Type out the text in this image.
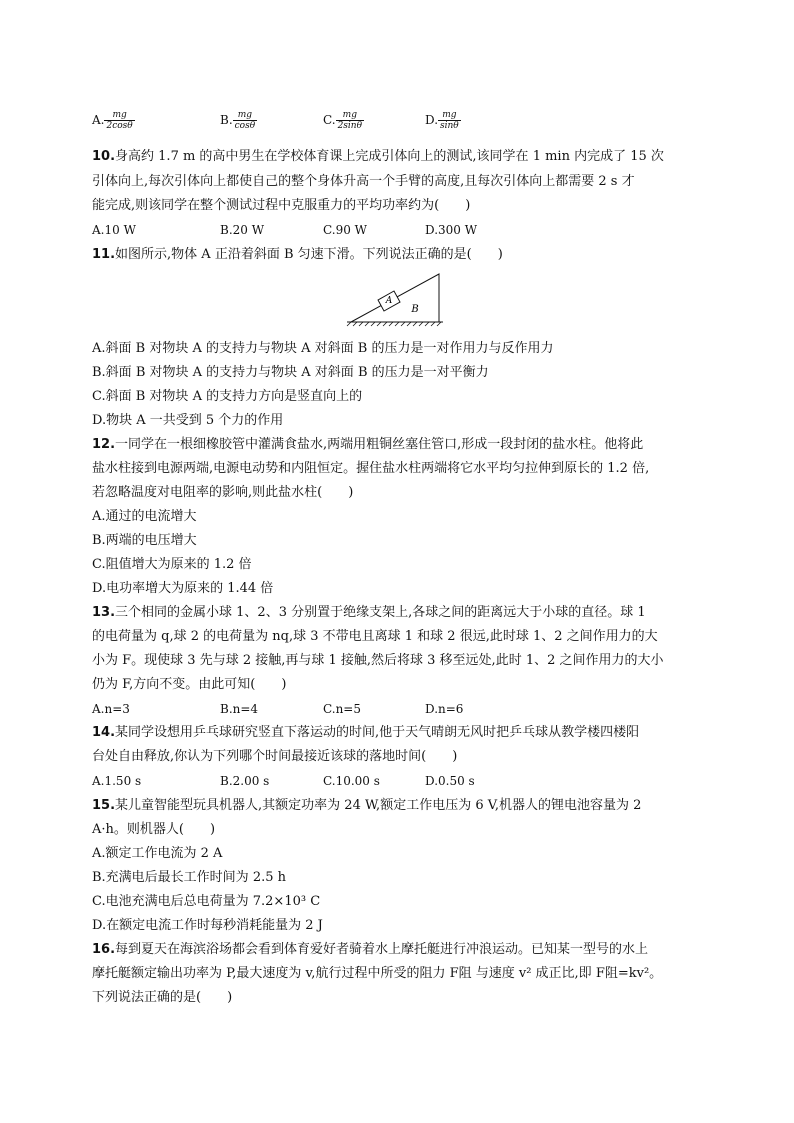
A. $\frac{mg}{2\cos\theta}$	B. $\frac{mg}{\cos\theta}$	C. $\frac{mg}{2\sin\theta}$	D. $\frac{mg}{\sin\theta}$
10.身高约 1.7 m 的高中男生在学校体育课上完成引体向上的测试,该同学在 1 min 内完成了 15 次
引体向上,每次引体向上都使自己的整个身体升高一个手臂的高度,且每次引体向上都需要 2 s 才
能完成,则该同学在整个测试过程中克服重力的平均功率约为(　　)
A.10 W	B.20 W	C.90 W	D.300 W
11.如图所示,物体 A 正沿着斜面 B 匀速下滑。下列说法正确的是(　　)
A
B
A.斜面 B 对物块 A 的支持力与物块 A 对斜面 B 的压力是一对作用力与反作用力
B.斜面 B 对物块 A 的支持力与物块 A 对斜面 B 的压力是一对平衡力
C.斜面 B 对物块 A 的支持力方向是竖直向上的
D.物块 A 一共受到 5 个力的作用
12.一同学在一根细橡胶管中灌满食盐水,两端用粗铜丝塞住管口,形成一段封闭的盐水柱。他将此
盐水柱接到电源两端,电源电动势和内阻恒定。握住盐水柱两端将它水平均匀拉伸到原长的 1.2 倍,
若忽略温度对电阻率的影响,则此盐水柱(　　)
A.通过的电流增大
B.两端的电压增大
C.阻值增大为原来的 1.2 倍
D.电功率增大为原来的 1.44 倍
13.三个相同的金属小球 1、2、3 分别置于绝缘支架上,各球之间的距离远大于小球的直径。球 1
的电荷量为 q,球 2 的电荷量为 nq,球 3 不带电且离球 1 和球 2 很远,此时球 1、2 之间作用力的大
小为 F。现使球 3 先与球 2 接触,再与球 1 接触,然后将球 3 移至远处,此时 1、2 之间作用力的大小
仍为 F,方向不变。由此可知(　　)
A.n=3	B.n=4	C.n=5	D.n=6
14.某同学设想用乒乓球研究竖直下落运动的时间,他于天气晴朗无风时把乒乓球从教学楼四楼阳
台处自由释放,你认为下列哪个时间最接近该球的落地时间(　　)
A.1.50 s	B.2.00 s	C.10.00 s	D.0.50 s
15.某儿童智能型玩具机器人,其额定功率为 24 W,额定工作电压为 6 V,机器人的锂电池容量为 2
A·h。则机器人(　　)
A.额定工作电流为 2 A
B.充满电后最长工作时间为 2.5 h
C.电池充满电后总电荷量为 7.2×10³ C
D.在额定电流工作时每秒消耗能量为 2 J
16.每到夏天在海滨浴场都会看到体育爱好者骑着水上摩托艇进行冲浪运动。已知某一型号的水上
摩托艇额定输出功率为 P,最大速度为 v,航行过程中所受的阻力 F阻 与速度 v² 成正比,即 F阻=kv²。
下列说法正确的是(　　)
